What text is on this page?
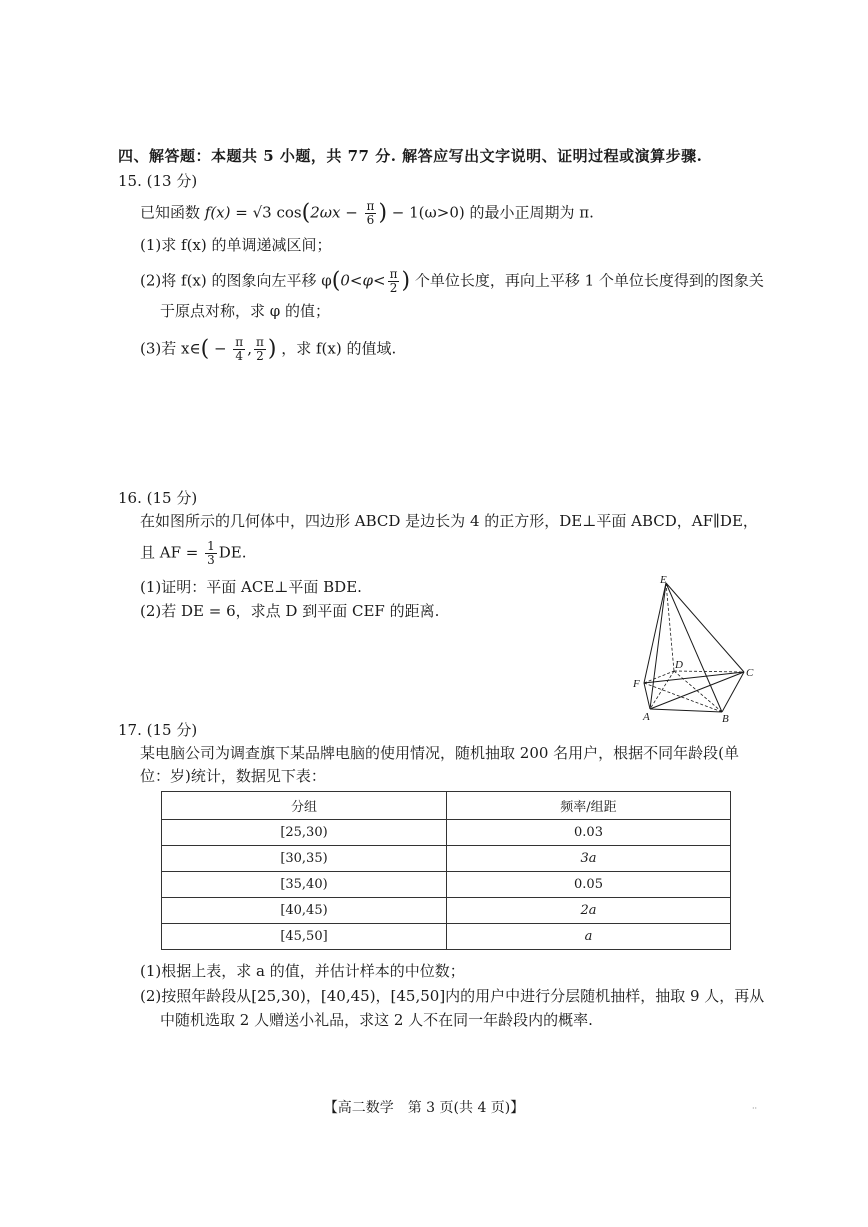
四、解答题：本题共 5 小题，共 77 分. 解答应写出文字说明、证明过程或演算步骤.
15. (13 分)
已知函数 f(x) = √3 $\cos(2\omega x - \frac{\pi}{6}$ ) − 1(ω>0) 的最小正周期为 π.
(1)求 f(x) 的单调递减区间；
(2)将 f(x) 的图象向左平移 $\varphi(0<\varphi< \frac{\pi}{2}$ ) 个单位长度，再向上平移 1 个单位长度得到的图象关
于原点对称，求 φ 的值；
(3)若 x∈( − $\frac{\pi}{4}$ , $\frac{\pi}{2}$ ) ，求 f(x) 的值域.
16. (15 分)
在如图所示的几何体中，四边形 ABCD 是边长为 4 的正方形，DE⊥平面 ABCD，AF∥DE，
且 AF = $\frac{1}{3}$ DE.
(1)证明：平面 ACE⊥平面 BDE.
(2)若 DE = 6，求点 D 到平面 CEF 的距离.
E
D
C
F
A	B
17. (15 分)
某电脑公司为调查旗下某品牌电脑的使用情况，随机抽取 200 名用户，根据不同年龄段(单
位：岁)统计，数据见下表：
分组	频率/组距
[25,30)	0.03
[30,35)	3a
[35,40)	0.05
[40,45)	2a
[45,50]	a
(1)根据上表，求 a 的值，并估计样本的中位数；
(2)按照年龄段从[25,30)，[40,45)，[45,50]内的用户中进行分层随机抽样，抽取 9 人，再从
中随机选取 2 人赠送小礼品，求这 2 人不在同一年龄段内的概率.
【高二数学　第 3 页(共 4 页)】	··
